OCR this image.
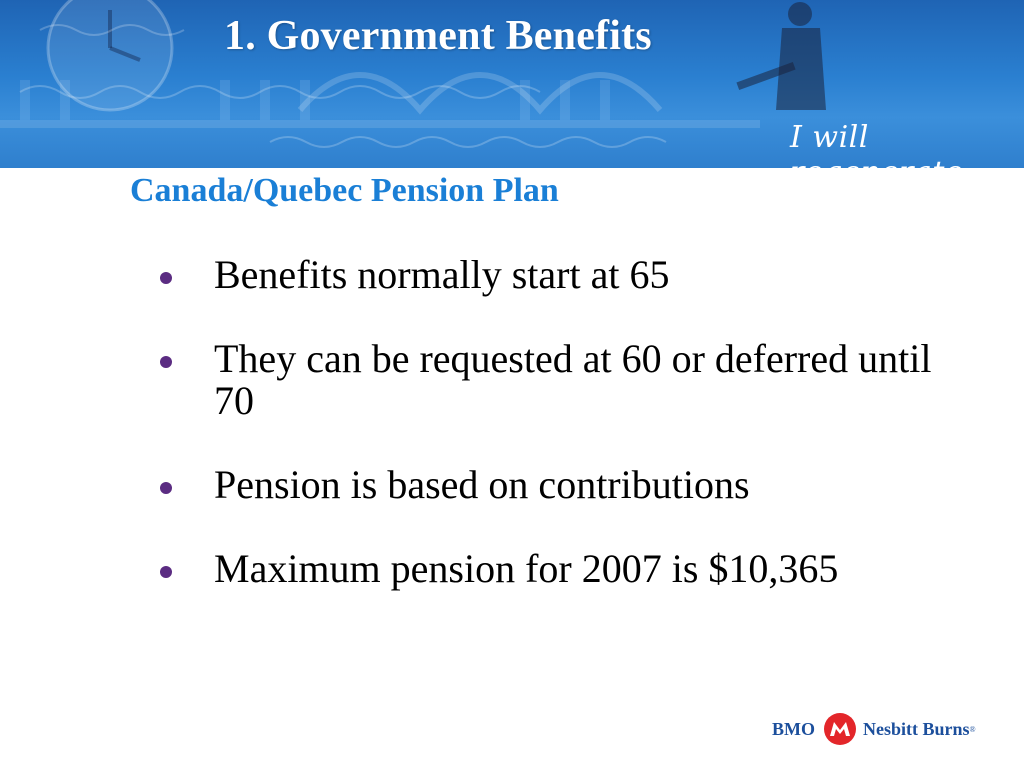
1. Government Benefits
I will regenerate
Canada/Quebec Pension Plan
Benefits normally start at 65
They can be requested at 60 or deferred until 70
Pension is based on contributions
Maximum pension for 2007 is $10,365
BMO	Nesbitt Burns ®
